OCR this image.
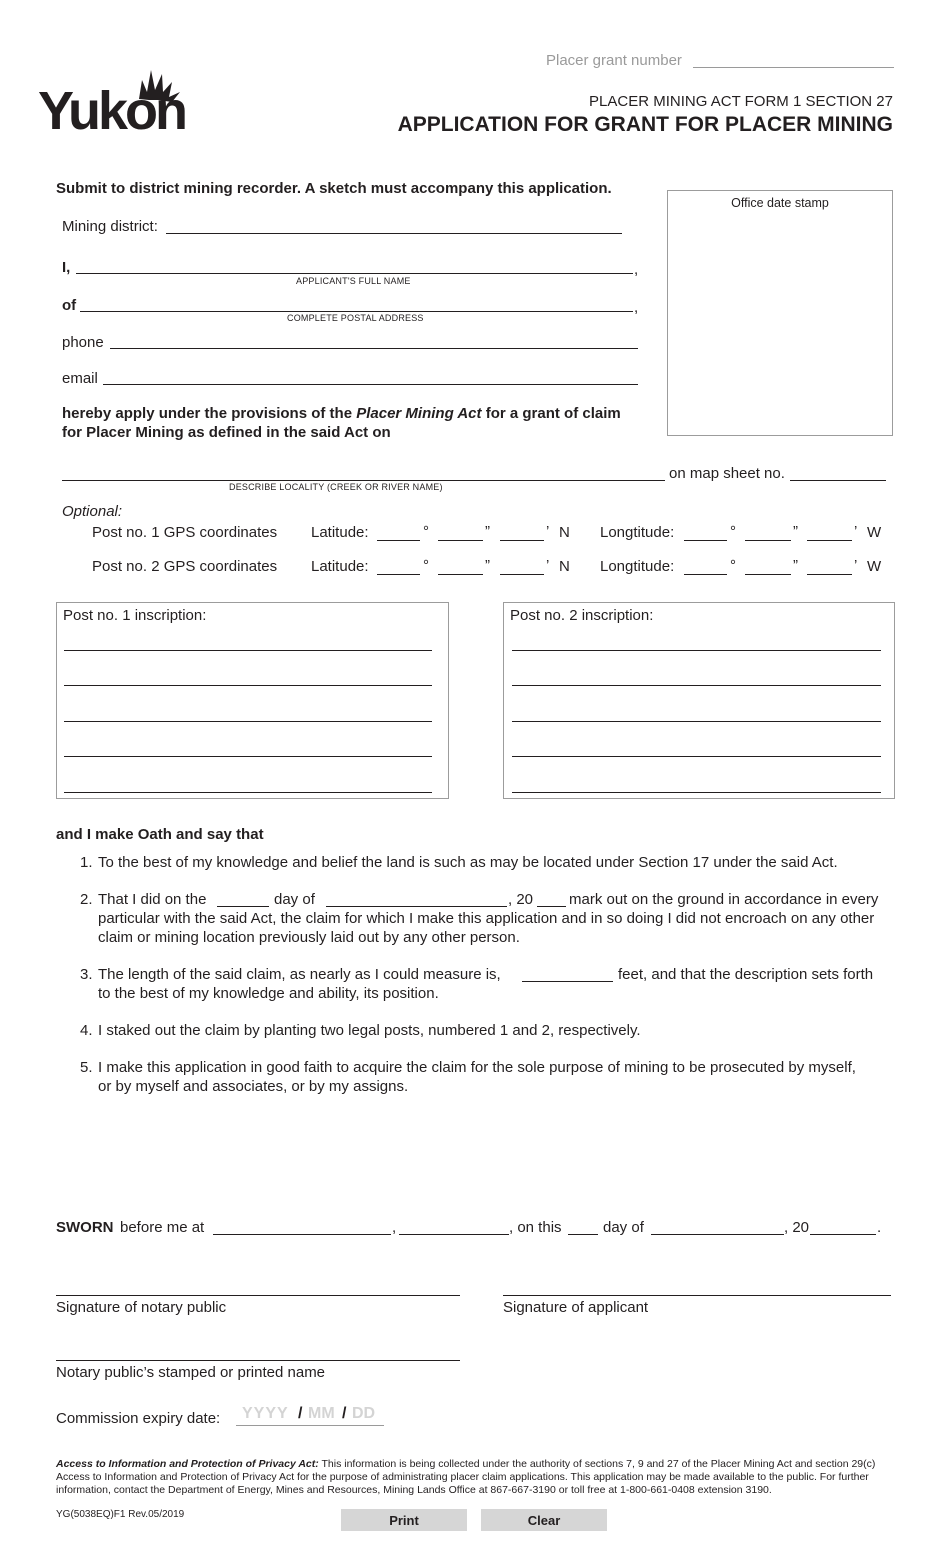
Placer grant number
Yukon	PLACER MINING ACT FORM 1 SECTION 27
APPLICATION FOR GRANT FOR PLACER MINING
Submit to district mining recorder. A sketch must accompany this application.
Office date stamp
Mining district:
I,	,
APPLICANT'S FULL NAME
of	,
COMPLETE POSTAL ADDRESS
phone
email
hereby apply under the provisions of the Placer Mining Act for a grant of claim
for Placer Mining as defined in the said Act on
on map sheet no.
DESCRIBE LOCALITY (CREEK OR RIVER NAME)
Optional:
Post no. 1 GPS coordinates Latitude:	°	”	’ N Longtitude:	°	”	’ W
Post no. 2 GPS coordinates Latitude:	°	”	’ N Longtitude:	°	”	’ W
Post no. 1 inscription:	Post no. 2 inscription:
and I make Oath and say that
1. To the best of my knowledge and belief the land is such as may be located under Section 17 under the said Act.
2. That I did on the	day of	, 20 mark out on the ground in accordance in every
particular with the said Act, the claim for which I make this application and in so doing I did not encroach on any other claim or mining location previously laid out by any other person.
3. The length of the said claim, as nearly as I could measure is,	feet, and that the description sets forth
to the best of my knowledge and ability, its position.
4. I staked out the claim by planting two legal posts, numbered 1 and 2, respectively.
5. I make this application in good faith to acquire the claim for the sole purpose of mining to be prosecuted by myself, or by myself and associates, or by my assigns.
SWORN before me at	,	, on this	day of	, 20	.
Signature of notary public	Signature of applicant
Notary public’s stamped or printed name
Commission expiry date: YYYY / MM / DD
Access to Information and Protection of Privacy Act: This information is being collected under the authority of sections 7, 9 and 27 of the Placer Mining Act and section 29(c) Access to Information and Protection of Privacy Act for the purpose of administrating placer claim applications. This application may be made available to the public. For further information, contact the Department of Energy, Mines and Resources, Mining Lands Office at 867-667-3190 or toll free at 1-800-661-0408 extension 3190.
YG(5038EQ)F1 Rev.05/2019	Print	Clear
